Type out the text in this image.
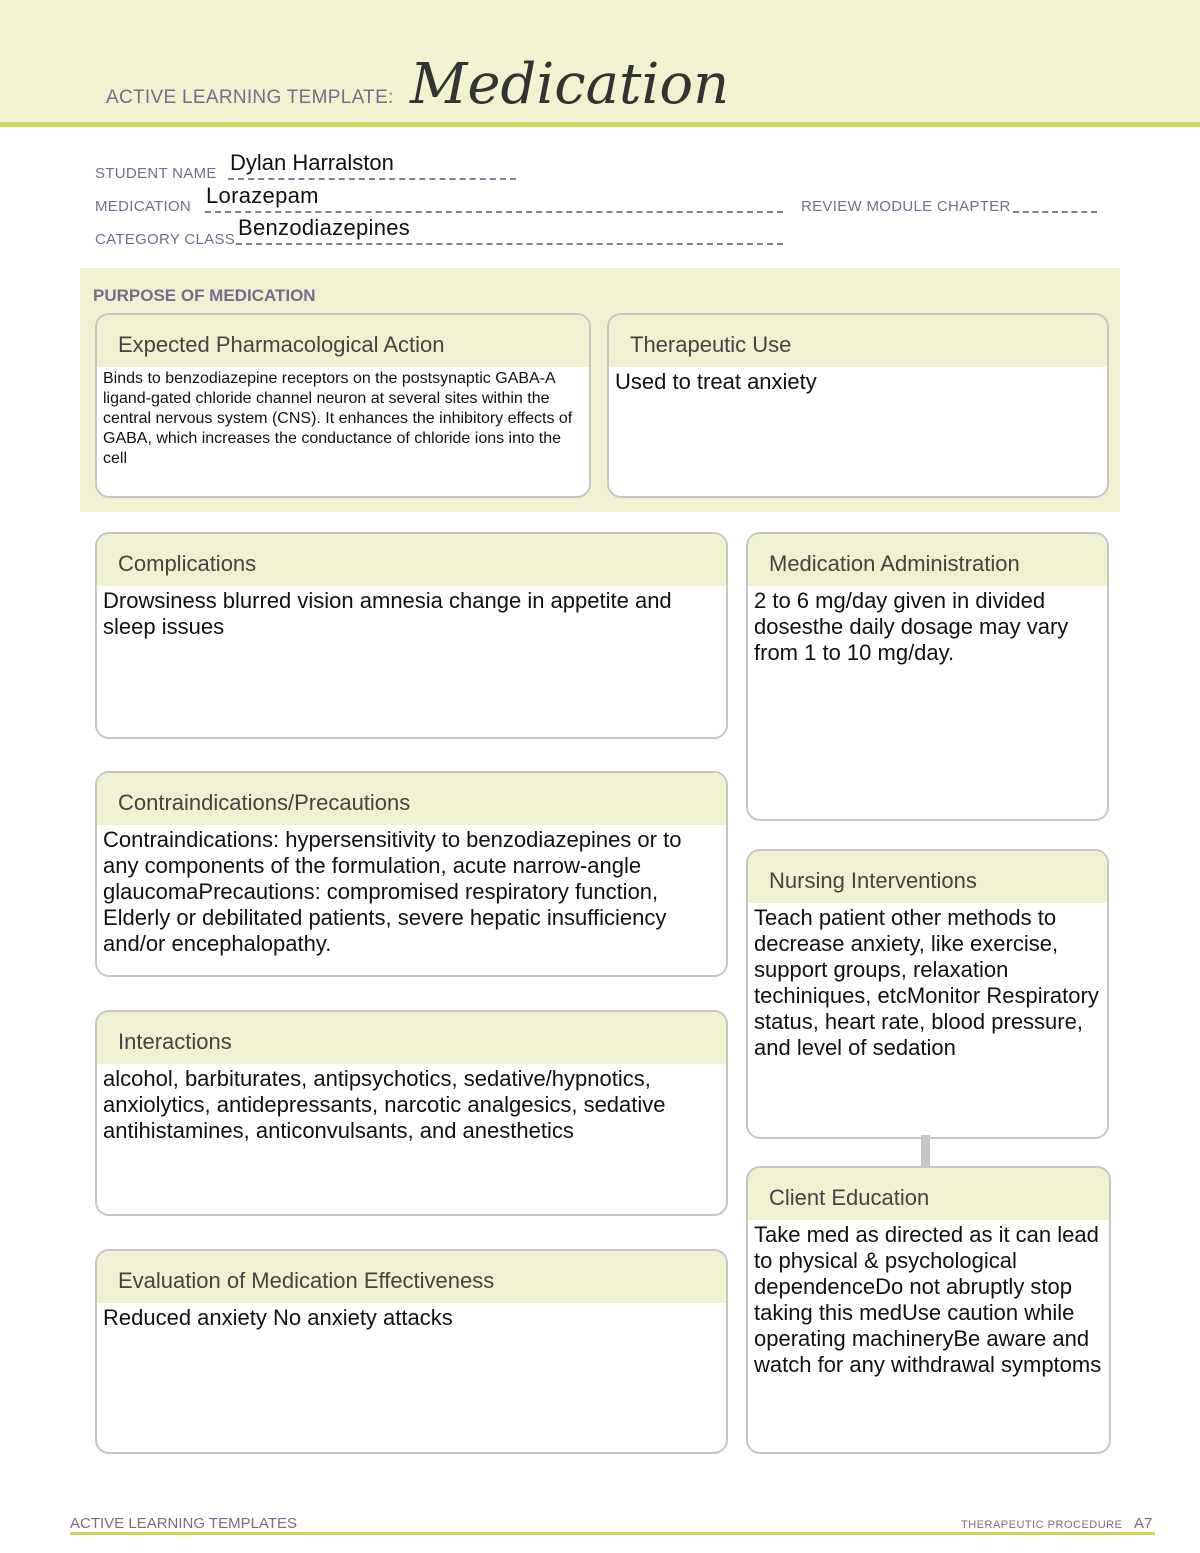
ACTIVE LEARNING TEMPLATE: Medication
STUDENT NAME Dylan Harralston
MEDICATION Lorazepam	REVIEW MODULE CHAPTER
CATEGORY CLASS Benzodiazepines
PURPOSE OF MEDICATION
Expected Pharmacological Action
Binds to benzodiazepine receptors on the postsynaptic GABA-A ligand-gated chloride channel neuron at several sites within the central nervous system (CNS). It enhances the inhibitory effects of GABA, which increases the conductance of chloride ions into the cell
Therapeutic Use
Used to treat anxiety
Complications
Drowsiness blurred vision amnesia change in appetite and sleep issues
Contraindications/Precautions
Contraindications: hypersensitivity to benzodiazepines or to any components of the formulation, acute narrow-angle glaucomaPrecautions: compromised respiratory function, Elderly or debilitated patients, severe hepatic insufficiency and/or encephalopathy.
Interactions
alcohol, barbiturates, antipsychotics, sedative/hypnotics, anxiolytics, antidepressants, narcotic analgesics, sedative antihistamines, anticonvulsants, and anesthetics
Evaluation of Medication Effectiveness
Reduced anxiety No anxiety attacks
Medication Administration
2 to 6 mg/day given in divided dosesthe daily dosage may vary from 1 to 10 mg/day.
Nursing Interventions
Teach patient other methods to decrease anxiety, like exercise, support groups, relaxation techiniques, etcMonitor Respiratory status, heart rate, blood pressure, and level of sedation
Client Education
Take med as directed as it can lead to physical & psychological dependenceDo not abruptly stop taking this medUse caution while operating machineryBe aware and watch for any withdrawal symptoms
ACTIVE LEARNING TEMPLATES	THERAPEUTIC PROCEDURE A7
